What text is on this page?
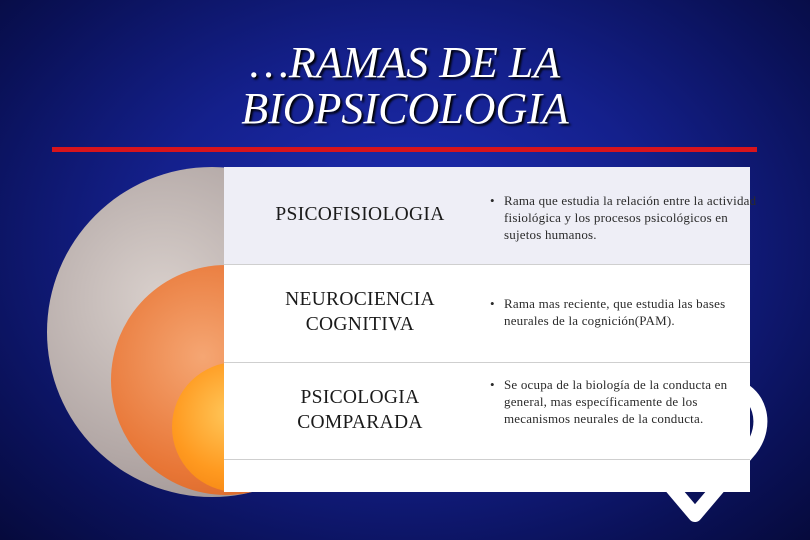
…RAMAS DE LA
BIOPSICOLOGIA
PSICOFISIOLOGIA
• Rama que estudia la relación entre la actividad fisiológica y los procesos psicológicos en sujetos humanos.
NEUROCIENCIA
COGNITIVA
• Rama mas reciente, que estudia las bases neurales de la cognición(PAM).
PSICOLOGIA
COMPARADA
• Se ocupa de la biología de la conducta en general, mas específicamente de los mecanismos neurales de la conducta.
